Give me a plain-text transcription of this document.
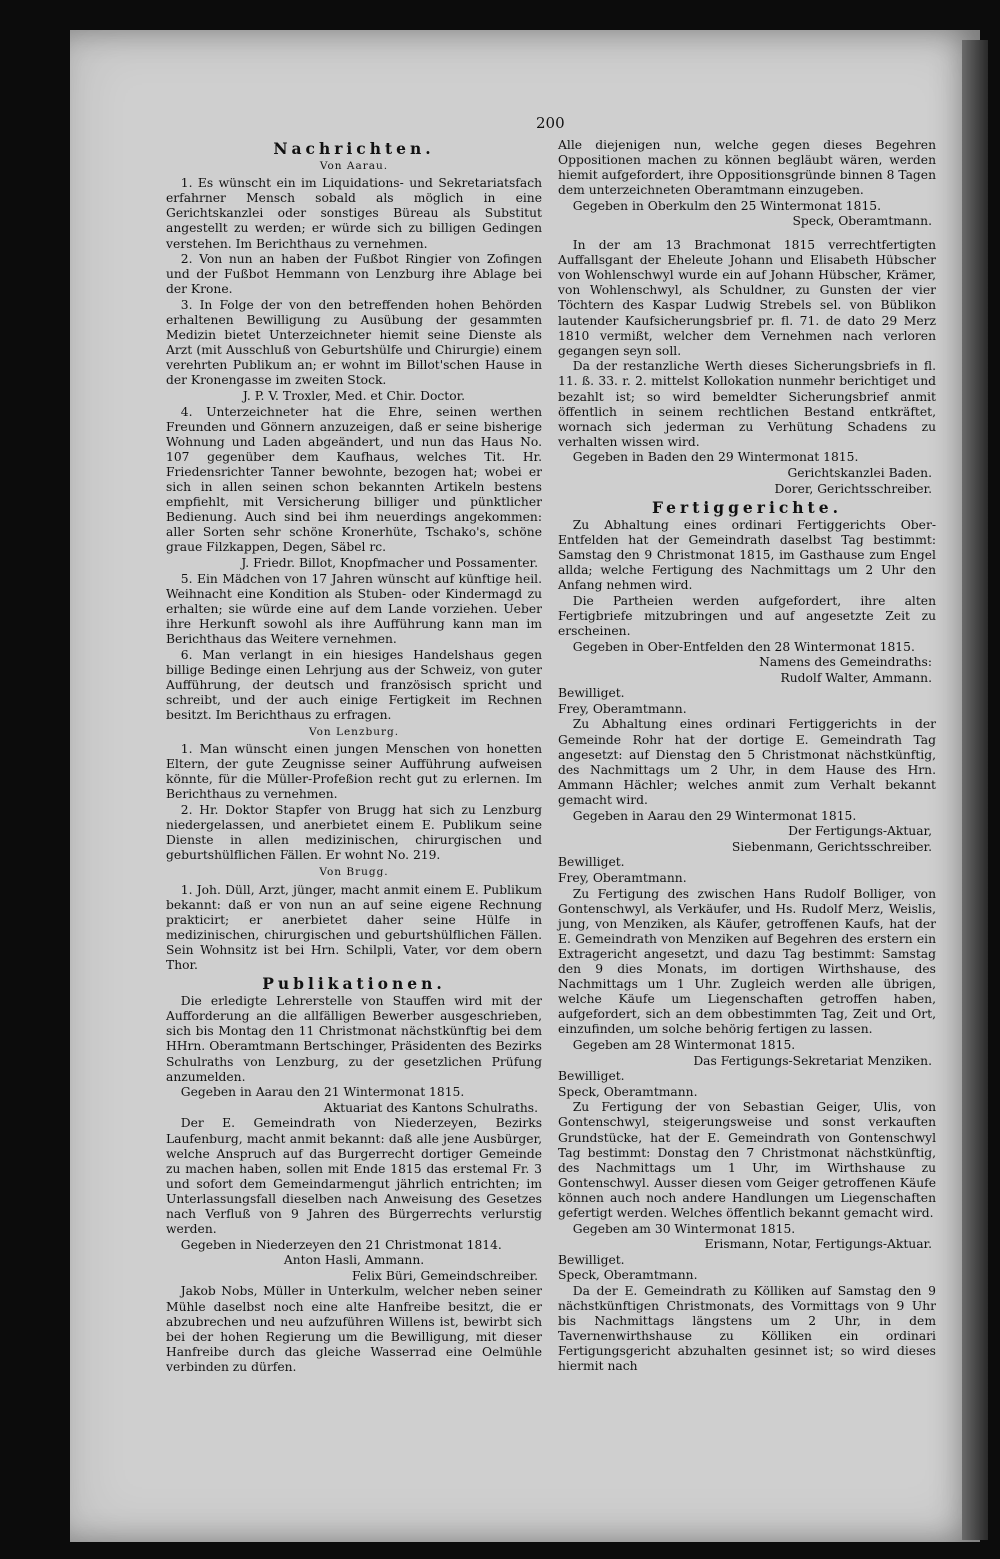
200

Nachrichten.

Von Aarau.

1. Es wünscht ein im Liquidations- und Sekretariatsfach erfahrner Mensch sobald als möglich in eine Gerichtskanzlei oder sonstiges Büreau als Substitut angestellt zu werden; er würde sich zu billigen Gedingen verstehen. Im Berichthaus zu vernehmen.

2. Von nun an haben der Fußbot Ringier von Zofingen und der Fußbot Hemmann von Lenzburg ihre Ablage bei der Krone.

3. In Folge der von den betreffenden hohen Behörden erhaltenen Bewilligung zu Ausübung der gesammten Medizin bietet Unterzeichneter hiemit seine Dienste als Arzt (mit Ausschluß von Geburtshülfe und Chirurgie) einem verehrten Publikum an; er wohnt im Billot'schen Hause in der Kronengasse im zweiten Stock.

J. P. V. Troxler, Med. et Chir. Doctor.

4. Unterzeichneter hat die Ehre, seinen werthen Freunden und Gönnern anzuzeigen, daß er seine bisherige Wohnung und Laden abgeändert, und nun das Haus No. 107 gegenüber dem Kaufhaus, welches Tit. Hr. Friedensrichter Tanner bewohnte, bezogen hat; wobei er sich in allen seinen schon bekannten Artikeln bestens empfiehlt, mit Versicherung billiger und pünktlicher Bedienung. Auch sind bei ihm neuerdings angekommen: aller Sorten sehr schöne Kronerhüte, Tschako's, schöne graue Filzkappen, Degen, Säbel rc.

J. Friedr. Billot, Knopfmacher und Possamenter.

5. Ein Mädchen von 17 Jahren wünscht auf künftige heil. Weihnacht eine Kondition als Stuben- oder Kindermagd zu erhalten; sie würde eine auf dem Lande vorziehen. Ueber ihre Herkunft sowohl als ihre Aufführung kann man im Berichthaus das Weitere vernehmen.

6. Man verlangt in ein hiesiges Handelshaus gegen billige Bedinge einen Lehrjung aus der Schweiz, von guter Aufführung, der deutsch und französisch spricht und schreibt, und der auch einige Fertigkeit im Rechnen besitzt. Im Berichthaus zu erfragen.

Von Lenzburg.

1. Man wünscht einen jungen Menschen von honetten Eltern, der gute Zeugnisse seiner Aufführung aufweisen könnte, für die Müller-Profeßion recht gut zu erlernen. Im Berichthaus zu vernehmen.

2. Hr. Doktor Stapfer von Brugg hat sich zu Lenzburg niedergelassen, und anerbietet einem E. Publikum seine Dienste in allen medizinischen, chirurgischen und geburtshülflichen Fällen. Er wohnt No. 219.

Von Brugg.

1. Joh. Düll, Arzt, jünger, macht anmit einem E. Publikum bekannt: daß er von nun an auf seine eigene Rechnung prakticirt; er anerbietet daher seine Hülfe in medizinischen, chirurgischen und geburtshülflichen Fällen. Sein Wohnsitz ist bei Hrn. Schilpli, Vater, vor dem obern Thor.

Publikationen.

Die erledigte Lehrerstelle von Stauffen wird mit der Aufforderung an die allfälligen Bewerber ausgeschrieben, sich bis Montag den 11 Christmonat nächstkünftig bei dem HHrn. Oberamtmann Bertschinger, Präsidenten des Bezirks Schulraths von Lenzburg, zu der gesetzlichen Prüfung anzumelden.

Gegeben in Aarau den 21 Wintermonat 1815.

Aktuariat des Kantons Schulraths.

Der E. Gemeindrath von Niederzeyen, Bezirks Laufenburg, macht anmit bekannt: daß alle jene Ausbürger, welche Anspruch auf das Burgerrecht dortiger Gemeinde zu machen haben, sollen mit Ende 1815 das erstemal Fr. 3 und sofort dem Gemeindarmengut jährlich entrichten; im Unterlassungsfall dieselben nach Anweisung des Gesetzes nach Verfluß von 9 Jahren des Bürgerrechts verlurstig werden.

Gegeben in Niederzeyen den 21 Christmonat 1814.

Anton Hasli, Ammann.

Felix Büri, Gemeindschreiber.

Jakob Nobs, Müller in Unterkulm, welcher neben seiner Mühle daselbst noch eine alte Hanfreibe besitzt, die er abzubrechen und neu aufzuführen Willens ist, bewirbt sich bei der hohen Regierung um die Bewilligung, mit dieser Hanfreibe durch das gleiche Wasserrad eine Oelmühle verbinden zu dürfen.

Alle diejenigen nun, welche gegen dieses Begehren Oppositionen machen zu können begläubt wären, werden hiemit aufgefordert, ihre Oppositionsgründe binnen 8 Tagen dem unterzeichneten Oberamtmann einzugeben.

Gegeben in Oberkulm den 25 Wintermonat 1815.

Speck, Oberamtmann.

In der am 13 Brachmonat 1815 verrechtfertigten Auffallsgant der Eheleute Johann und Elisabeth Hübscher von Wohlenschwyl wurde ein auf Johann Hübscher, Krämer, von Wohlenschwyl, als Schuldner, zu Gunsten der vier Töchtern des Kaspar Ludwig Strebels sel. von Büblikon lautender Kaufsicherungsbrief pr. fl. 71. de dato 29 Merz 1810 vermißt, welcher dem Vernehmen nach verloren gegangen seyn soll.

Da der restanzliche Werth dieses Sicherungsbriefs in fl. 11. ß. 33. r. 2. mittelst Kollokation nunmehr berichtiget und bezahlt ist; so wird bemeldter Sicherungsbrief anmit öffentlich in seinem rechtlichen Bestand entkräftet, wornach sich jederman zu Verhütung Schadens zu verhalten wissen wird.

Gegeben in Baden den 29 Wintermonat 1815.

Gerichtskanzlei Baden.

Dorer, Gerichtsschreiber.

Fertiggerichte.

Zu Abhaltung eines ordinari Fertiggerichts Ober-Entfelden hat der Gemeindrath daselbst Tag bestimmt: Samstag den 9 Christmonat 1815, im Gasthause zum Engel allda; welche Fertigung des Nachmittags um 2 Uhr den Anfang nehmen wird.

Die Partheien werden aufgefordert, ihre alten Fertigbriefe mitzubringen und auf angesetzte Zeit zu erscheinen.

Gegeben in Ober-Entfelden den 28 Wintermonat 1815.

Namens des Gemeindraths:

Rudolf Walter, Ammann.

Bewilliget.

Frey, Oberamtmann.

Zu Abhaltung eines ordinari Fertiggerichts in der Gemeinde Rohr hat der dortige E. Gemeindrath Tag angesetzt: auf Dienstag den 5 Christmonat nächstkünftig, des Nachmittags um 2 Uhr, in dem Hause des Hrn. Ammann Hächler; welches anmit zum Verhalt bekannt gemacht wird.

Gegeben in Aarau den 29 Wintermonat 1815.

Der Fertigungs-Aktuar,

Siebenmann, Gerichtsschreiber.

Bewilliget.

Frey, Oberamtmann.

Zu Fertigung des zwischen Hans Rudolf Bolliger, von Gontenschwyl, als Verkäufer, und Hs. Rudolf Merz, Weislis, jung, von Menziken, als Käufer, getroffenen Kaufs, hat der E. Gemeindrath von Menziken auf Begehren des erstern ein Extragericht angesetzt, und dazu Tag bestimmt: Samstag den 9 dies Monats, im dortigen Wirthshause, des Nachmittags um 1 Uhr. Zugleich werden alle übrigen, welche Käufe um Liegenschaften getroffen haben, aufgefordert, sich an dem obbestimmten Tag, Zeit und Ort, einzufinden, um solche behörig fertigen zu lassen.

Gegeben am 28 Wintermonat 1815.

Das Fertigungs-Sekretariat Menziken.

Bewilliget.

Speck, Oberamtmann.

Zu Fertigung der von Sebastian Geiger, Ulis, von Gontenschwyl, steigerungsweise und sonst verkauften Grundstücke, hat der E. Gemeindrath von Gontenschwyl Tag bestimmt: Donstag den 7 Christmonat nächstkünftig, des Nachmittags um 1 Uhr, im Wirthshause zu Gontenschwyl. Ausser diesen vom Geiger getroffenen Käufe können auch noch andere Handlungen um Liegenschaften gefertigt werden. Welches öffentlich bekannt gemacht wird.

Gegeben am 30 Wintermonat 1815.

Erismann, Notar, Fertigungs-Aktuar.

Bewilliget.

Speck, Oberamtmann.

Da der E. Gemeindrath zu Kölliken auf Samstag den 9 nächstkünftigen Christmonats, des Vormittags von 9 Uhr bis Nachmittags längstens um 2 Uhr, in dem Tavernenwirthshause zu Kölliken ein ordinari Fertigungsgericht abzuhalten gesinnet ist; so wird dieses hiermit nach
